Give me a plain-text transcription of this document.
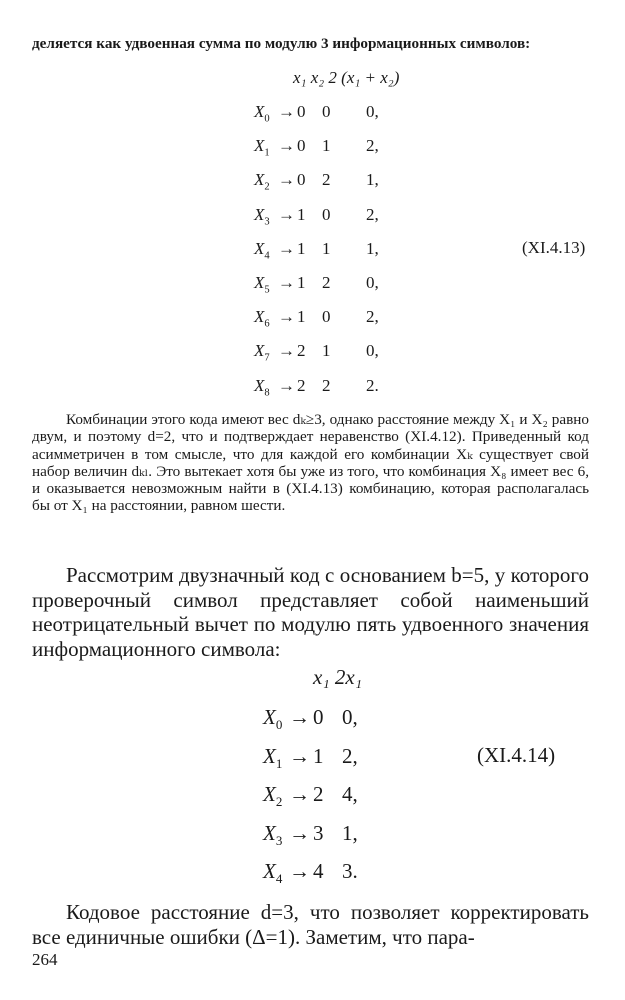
деляется как удвоенная сумма по модулю 3 информационных символов:

x₁ x₂ 2 (x₁ + x₂)
$X_0 \to 0$ 0 0,
$X_1 \to 0$ 1 2,
$X_2 \to 0$ 2 1,
$X_3 \to 1$ 0 2,
$X_4 \to 1$ 1 1,
$X_5 \to 1$ 2 0,
$X_6 \to 1$ 0 2,
$X_7 \to 2$ 1 0,
$X_8 \to 2$ 2 2.
(XI.4.13)

Комбинации этого кода имеют вес dₖ≥3, однако расстояние между X₁ и X₂ равно двум, и поэтому d=2, что и подтверждает неравенство (XI.4.12). Приведенный код асимметричен в том смысле, что для каждой его комбинации Xₖ существует свой набор величин dₖₗ. Это вытекает хотя бы уже из того, что комбинация X₈ имеет вес 6, и оказывается невозможным найти в (XI.4.13) комбинацию, которая располагалась бы от X₁ на расстоянии, равном шести.

Рассмотрим двузначный код с основанием b=5, у которого проверочный символ представляет собой наименьший неотрицательный вычет по модулю пять удвоенного значения информационного символа:

x₁ 2x₁
$X_0 \to 0$ 0,
$X_1 \to 1$ 2,
$X_2 \to 2$ 4,
$X_3 \to 3$ 1,
$X_4 \to 4$ 3.
(XI.4.14)

Кодовое расстояние d=3, что позволяет корректировать все единичные ошибки (Δ=1). Заметим, что пара-

264
